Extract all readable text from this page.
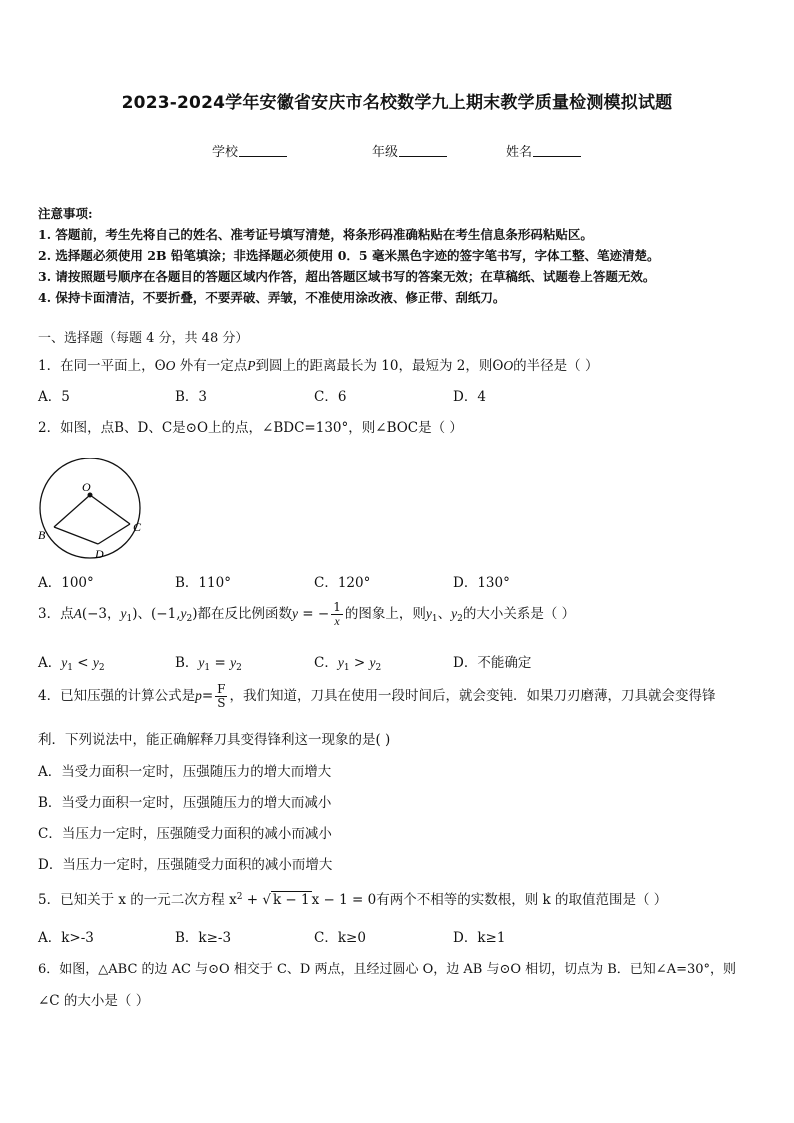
2023-2024学年安徽省安庆市名校数学九上期末教学质量检测模拟试题
学校	年级	姓名
注意事项:
1. 答题前，考生先将自己的姓名、准考证号填写清楚，将条形码准确粘贴在考生信息条形码粘贴区。
2. 选择题必须使用 2B 铅笔填涂；非选择题必须使用 0．5 毫米黑色字迹的签字笔书写，字体工整、笔迹清楚。
3. 请按照题号顺序在各题目的答题区域内作答，超出答题区域书写的答案无效；在草稿纸、试题卷上答题无效。
4. 保持卡面清洁，不要折叠，不要弄破、弄皱，不准使用涂改液、修正带、刮纸刀。
一、选择题（每题 4 分，共 48 分）
1．在同一平面上，ʘO 外有一定点P到圆上的距离最长为 10，最短为 2，则ʘO的半径是（ ）
A．5	B．3	C．6	D．4
2．如图，点B、D、C是⊙O上的点，∠BDC=130°，则∠BOC是（ ）
O
B
C
D
A．100°	B．110°	C．120°	D．130°
3．点A(−3，$y_1$)、$(-1,y_2)$都在反比例函数y = − $\frac{1}{x}$ 的图象上，则$y_1$、$y_2$的大小关系是（ ）
A．$y_1 < y_2$	B．$y_1 = y_2$	C．$y_1 > y_2$	D．不能确定
4．已知压强的计算公式是$p= \frac{F}{S}$ ，我们知道，刀具在使用一段时间后，就会变钝．如果刀刃磨薄，刀具就会变得锋
利．下列说法中，能正确解释刀具变得锋利这一现象的是( )
A．当受力面积一定时，压强随压力的增大而增大
B．当受力面积一定时，压强随压力的增大而减小
C．当压力一定时，压强随受力面积的减小而减小
D．当压力一定时，压强随受力面积的减小而增大
5．已知关于 x 的一元二次方程 $x^2$ + √ k − 1 x − 1 = 0有两个不相等的实数根，则 k 的取值范围是（ ）
A．k>-3	B．k≥-3	C．k≥0	D．k≥1
6．如图，△ABC 的边 AC 与⊙O 相交于 C、D 两点，且经过圆心 O，边 AB 与⊙O 相切，切点为 B．已知∠A=30°，则
∠C 的大小是（ ）
